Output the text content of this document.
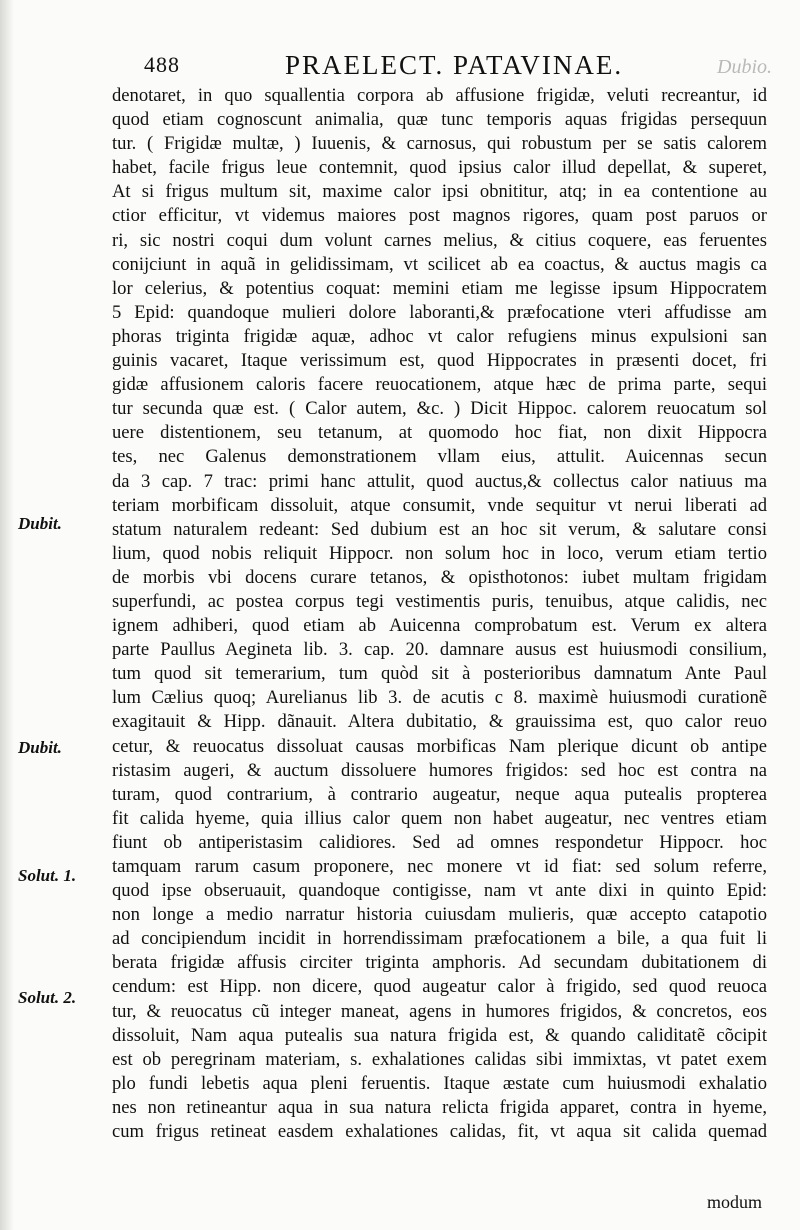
488	PRAELECT. PATAVINAE.	Dubio.
Dubit.
Dubit.
Solut. 1.
Solut. 2.
denotaret, in quo squallentia corpora ab affusione frigidæ, veluti recreantur, id
quod etiam cognoscunt animalia, quæ tunc temporis aquas frigidas persequun
tur. ( Frigidæ multæ, ) Iuuenis, & carnosus, qui robustum per se satis calorem
habet, facile frigus leue contemnit, quod ipsius calor illud depellat, & superet,
At si frigus multum sit, maxime calor ipsi obnititur, atq; in ea contentione au
ctior efficitur, vt videmus maiores post magnos rigores, quam post paruos or
ri, sic nostri coqui dum volunt carnes melius, & citius coquere, eas feruentes
conijciunt in aquã in gelidissimam, vt scilicet ab ea coactus, & auctus magis ca
lor celerius, & potentius coquat: memini etiam me legisse ipsum Hippocratem
5 Epid: quandoque mulieri dolore laboranti,& præfocatione vteri affudisse am
phoras triginta frigidæ aquæ, adhoc vt calor refugiens minus expulsioni san
guinis vacaret, Itaque verissimum est, quod Hippocrates in præsenti docet, fri
gidæ affusionem caloris facere reuocationem, atque hæc de prima parte, sequi
tur secunda quæ est. ( Calor autem, &c. ) Dicit Hippoc. calorem reuocatum sol
uere distentionem, seu tetanum, at quomodo hoc fiat, non dixit Hippocra
tes, nec Galenus demonstrationem vllam eius, attulit. Auicennas secun
da 3 cap. 7 trac: primi hanc attulit, quod auctus,& collectus calor natiuus ma
teriam morbificam dissoluit, atque consumit, vnde sequitur vt nerui liberati ad
statum naturalem redeant: Sed dubium est an hoc sit verum, & salutare consi
lium, quod nobis reliquit Hippocr. non solum hoc in loco, verum etiam tertio
de morbis vbi docens curare tetanos, & opisthotonos: iubet multam frigidam
superfundi, ac postea corpus tegi vestimentis puris, tenuibus, atque calidis, nec
ignem adhiberi, quod etiam ab Auicenna comprobatum est. Verum ex altera
parte Paullus Aegineta lib. 3. cap. 20. damnare ausus est huiusmodi consilium,
tum quod sit temerarium, tum quòd sit à posterioribus damnatum Ante Paul
lum Cælius quoq; Aurelianus lib 3. de acutis c 8. maximè huiusmodi curationẽ
exagitauit & Hipp. dãnauit. Altera dubitatio, & grauissima est, quo calor reuo
cetur, & reuocatus dissoluat causas morbificas Nam plerique dicunt ob antipe
ristasim augeri, & auctum dissoluere humores frigidos: sed hoc est contra na
turam, quod contrarium, à contrario augeatur, neque aqua putealis propterea
fit calida hyeme, quia illius calor quem non habet augeatur, nec ventres etiam
fiunt ob antiperistasim calidiores. Sed ad omnes respondetur Hippocr. hoc
tamquam rarum casum proponere, nec monere vt id fiat: sed solum referre,
quod ipse obseruauit, quandoque contigisse, nam vt ante dixi in quinto Epid:
non longe a medio narratur historia cuiusdam mulieris, quæ accepto catapotio
ad concipiendum incidit in horrendissimam præfocationem a bile, a qua fuit li
berata frigidæ affusis circiter triginta amphoris. Ad secundam dubitationem di
cendum: est Hipp. non dicere, quod augeatur calor à frigido, sed quod reuoca
tur, & reuocatus cũ integer maneat, agens in humores frigidos, & concretos, eos
dissoluit, Nam aqua putealis sua natura frigida est, & quando caliditatẽ cõcipit
est ob peregrinam materiam, s. exhalationes calidas sibi immixtas, vt patet exem
plo fundi lebetis aqua pleni feruentis. Itaque æstate cum huiusmodi exhalatio
nes non retineantur aqua in sua natura relicta frigida apparet, contra in hyeme,
cum frigus retineat easdem exhalationes calidas, fit, vt aqua sit calida quemad
modum
